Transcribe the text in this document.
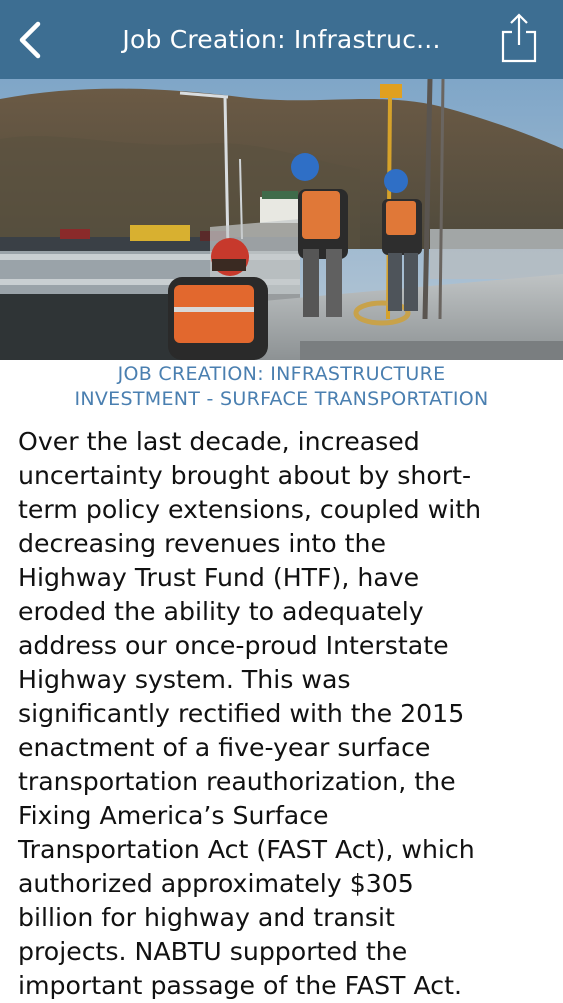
Job Creation: Infrastruc...
JOB CREATION: INFRASTRUCTURE
INVESTMENT - SURFACE TRANSPORTATION
Over the last decade, increased
uncertainty brought about by short-
term policy extensions, coupled with
decreasing revenues into the
Highway Trust Fund (HTF), have
eroded the ability to adequately
address our once-proud Interstate
Highway system. This was
significantly rectified with the 2015
enactment of a five-year surface
transportation reauthorization, the
Fixing America’s Surface
Transportation Act (FAST Act), which
authorized approximately $305
billion for highway and transit
projects. NABTU supported the
important passage of the FAST Act.
